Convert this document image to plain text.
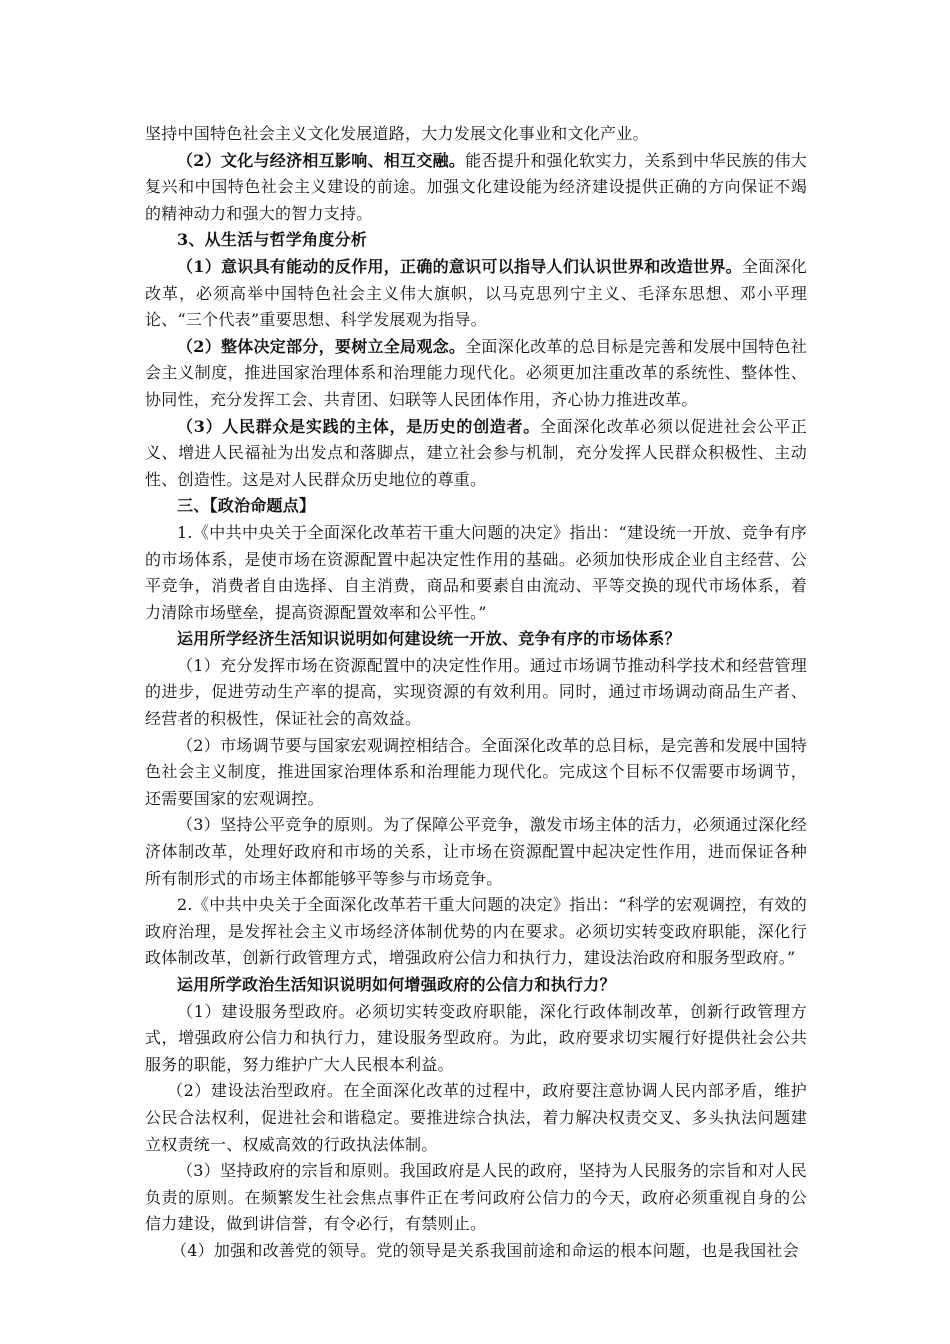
坚持中国特色社会主义文化发展道路，大力发展文化事业和文化产业。

（2）文化与经济相互影响、相互交融。能否提升和强化软实力，关系到中华民族的伟大复兴和中国特色社会主义建设的前途。加强文化建设能为经济建设提供正确的方向保证不竭的精神动力和强大的智力支持。

3、从生活与哲学角度分析

（1）意识具有能动的反作用，正确的意识可以指导人们认识世界和改造世界。全面深化改革，必须高举中国特色社会主义伟大旗帜，以马克思列宁主义、毛泽东思想、邓小平理论、“三个代表”重要思想、科学发展观为指导。

（2）整体决定部分，要树立全局观念。全面深化改革的总目标是完善和发展中国特色社会主义制度，推进国家治理体系和治理能力现代化。必须更加注重改革的系统性、整体性、协同性，充分发挥工会、共青团、妇联等人民团体作用，齐心协力推进改革。

（3）人民群众是实践的主体，是历史的创造者。全面深化改革必须以促进社会公平正义、增进人民福祉为出发点和落脚点，建立社会参与机制，充分发挥人民群众积极性、主动性、创造性。这是对人民群众历史地位的尊重。

三、【政治命题点】

1.《中共中央关于全面深化改革若干重大问题的决定》指出：“建设统一开放、竞争有序的市场体系，是使市场在资源配置中起决定性作用的基础。必须加快形成企业自主经营、公平竞争，消费者自由选择、自主消费，商品和要素自由流动、平等交换的现代市场体系，着力清除市场壁垒，提高资源配置效率和公平性。”

运用所学经济生活知识说明如何建设统一开放、竞争有序的市场体系？

（1）充分发挥市场在资源配置中的决定性作用。通过市场调节推动科学技术和经营管理的进步，促进劳动生产率的提高，实现资源的有效利用。同时，通过市场调动商品生产者、经营者的积极性，保证社会的高效益。

（2）市场调节要与国家宏观调控相结合。全面深化改革的总目标，是完善和发展中国特色社会主义制度，推进国家治理体系和治理能力现代化。完成这个目标不仅需要市场调节，还需要国家的宏观调控。

（3）坚持公平竞争的原则。为了保障公平竞争，激发市场主体的活力，必须通过深化经济体制改革，处理好政府和市场的关系，让市场在资源配置中起决定性作用，进而保证各种所有制形式的市场主体都能够平等参与市场竞争。

2.《中共中央关于全面深化改革若干重大问题的决定》指出：“科学的宏观调控，有效的政府治理，是发挥社会主义市场经济体制优势的内在要求。必须切实转变政府职能，深化行政体制改革，创新行政管理方式，增强政府公信力和执行力，建设法治政府和服务型政府。”

运用所学政治生活知识说明如何增强政府的公信力和执行力？

（1）建设服务型政府。必须切实转变政府职能，深化行政体制改革，创新行政管理方式，增强政府公信力和执行力，建设服务型政府。为此，政府要求切实履行好提供社会公共服务的职能，努力维护广大人民根本利益。

（2）建设法治型政府。在全面深化改革的过程中，政府要注意协调人民内部矛盾，维护公民合法权利，促进社会和谐稳定。要推进综合执法，着力解决权责交叉、多头执法问题建立权责统一、权威高效的行政执法体制。

（3）坚持政府的宗旨和原则。我国政府是人民的政府，坚持为人民服务的宗旨和对人民负责的原则。在频繁发生社会焦点事件正在考问政府公信力的今天，政府必须重视自身的公信力建设，做到讲信誉，有令必行，有禁则止。

（4）加强和改善党的领导。党的领导是关系我国前途和命运的根本问题，也是我国社会
